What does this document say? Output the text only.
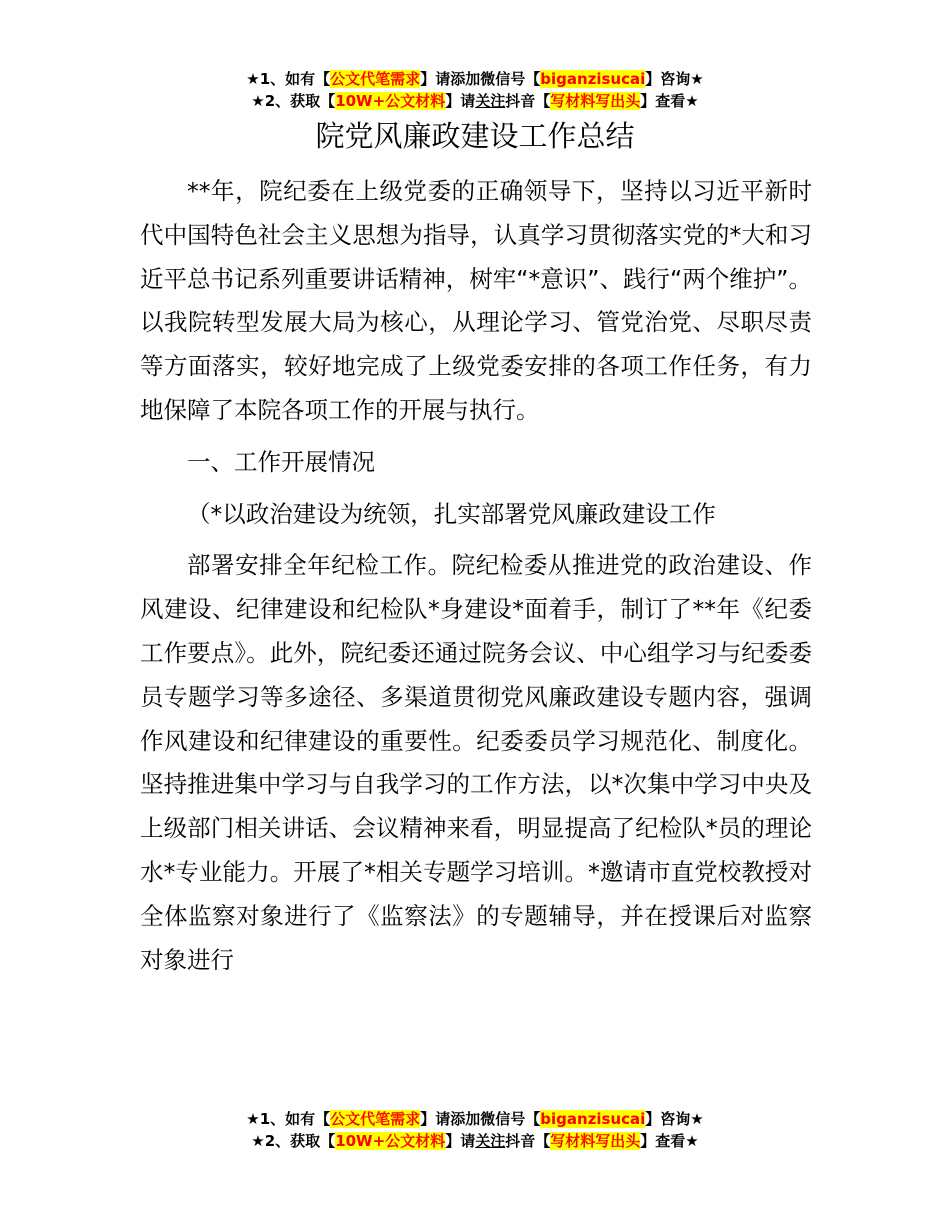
★1、如有【公文代笔需求】请添加微信号【biganzisucai】咨询★
★2、获取【10W+公文材料】请关注抖音【写材料写出头】查看★
院党风廉政建设工作总结

**年，院纪委在上级党委的正确领导下，坚持以习近平新时代中国特色社会主义思想为指导，认真学习贯彻落实党的*大和习近平总书记系列重要讲话精神，树牢“*意识”、践行“两个维护”。以我院转型发展大局为核心，从理论学习、管党治党、尽职尽责等方面落实，较好地完成了上级党委安排的各项工作任务，有力地保障了本院各项工作的开展与执行。

一、工作开展情况

（*以政治建设为统领，扎实部署党风廉政建设工作

部署安排全年纪检工作。院纪检委从推进党的政治建设、作风建设、纪律建设和纪检队*身建设*面着手，制订了**年《纪委工作要点》。此外，院纪委还通过院务会议、中心组学习与纪委委员专题学习等多途径、多渠道贯彻党风廉政建设专题内容，强调作风建设和纪律建设的重要性。纪委委员学习规范化、制度化。坚持推进集中学习与自我学习的工作方法，以*次集中学习中央及上级部门相关讲话、会议精神来看，明显提高了纪检队*员的理论水*专业能力。开展了*相关专题学习培训。*邀请市直党校教授对全体监察对象进行了《监察法》的专题辅导，并在授课后对监察对象进行

★1、如有【公文代笔需求】请添加微信号【biganzisucai】咨询★
★2、获取【10W+公文材料】请关注抖音【写材料写出头】查看★
